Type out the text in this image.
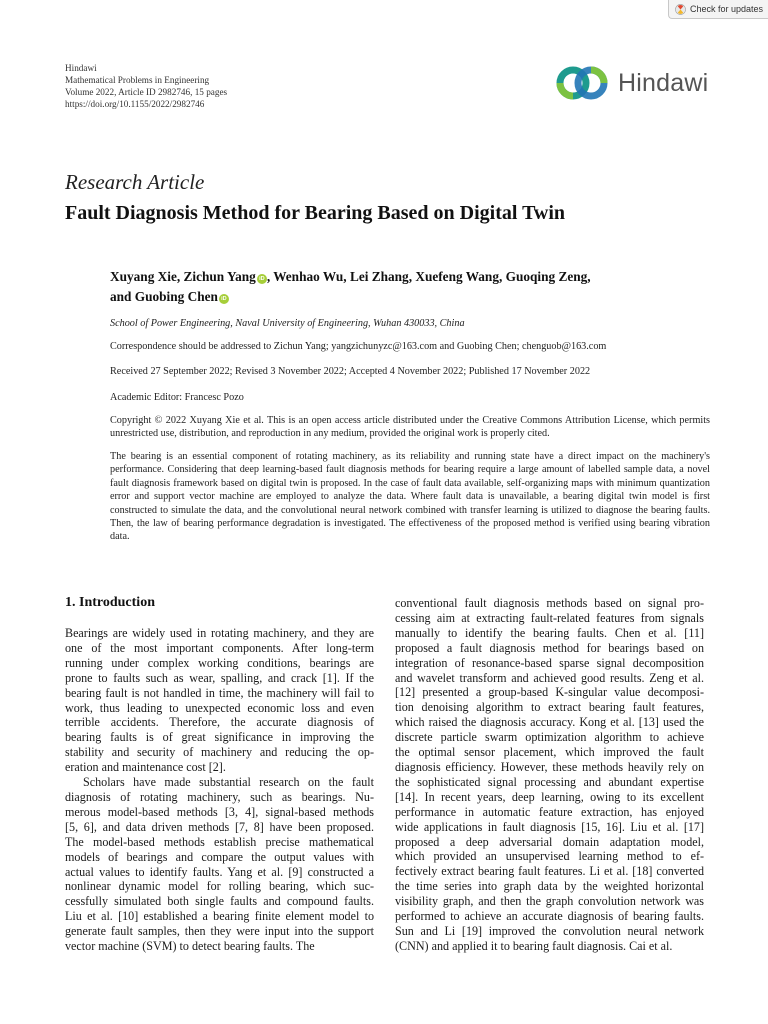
Check for updates
Hindawi
Mathematical Problems in Engineering
Volume 2022, Article ID 2982746, 15 pages
https://doi.org/10.1155/2022/2982746
Hindawi
Research Article
Fault Diagnosis Method for Bearing Based on Digital Twin
Xuyang Xie, Zichun Yang iD , Wenhao Wu, Lei Zhang, Xuefeng Wang, Guoqing Zeng,
and Guobing Chen iD
School of Power Engineering, Naval University of Engineering, Wuhan 430033, China
Correspondence should be addressed to Zichun Yang; yangzichunyzc@163.com and Guobing Chen; chenguob@163.com
Received 27 September 2022; Revised 3 November 2022; Accepted 4 November 2022; Published 17 November 2022
Academic Editor: Francesc Pozo
Copyright © 2022 Xuyang Xie et al. This is an open access article distributed under the Creative Commons Attribution License, which permits unrestricted use, distribution, and reproduction in any medium, provided the original work is properly cited.
The bearing is an essential component of rotating machinery, as its reliability and running state have a direct impact on the machinery's performance. Considering that deep learning-based fault diagnosis methods for bearing require a large amount of labelled sample data, a novel fault diagnosis framework based on digital twin is proposed. In the case of fault data available, self-organizing maps with minimum quantization error and support vector machine are employed to analyze the data. Where fault data is unavailable, a bearing digital twin model is first constructed to simulate the data, and the convolutional neural network combined with transfer learning is utilized to diagnose the bearing faults. Then, the law of bearing performance degradation is investigated. The effectiveness of the proposed method is verified using bearing vibration data.
1. Introduction
Bearings are widely used in rotating machinery, and they are
one of the most important components. After long-term
running under complex working conditions, bearings are
prone to faults such as wear, spalling, and crack [1]. If the
bearing fault is not handled in time, the machinery will fail to
work, thus leading to unexpected economic loss and even
terrible accidents. Therefore, the accurate diagnosis of
bearing faults is of great significance in improving the
stability and security of machinery and reducing the op-
eration and maintenance cost [2].
Scholars have made substantial research on the fault
diagnosis of rotating machinery, such as bearings. Nu-
merous model-based methods [3, 4], signal-based methods
[5, 6], and data driven methods [7, 8] have been proposed.
The model-based methods establish precise mathematical
models of bearings and compare the output values with
actual values to identify faults. Yang et al. [9] constructed a
nonlinear dynamic model for rolling bearing, which suc-
cessfully simulated both single faults and compound faults.
Liu et al. [10] established a bearing finite element model to
generate fault samples, then they were input into the support
vector machine (SVM) to detect bearing faults. The
conventional fault diagnosis methods based on signal pro-
cessing aim at extracting fault-related features from signals
manually to identify the bearing faults. Chen et al. [11]
proposed a fault diagnosis method for bearings based on
integration of resonance-based sparse signal decomposition
and wavelet transform and achieved good results. Zeng et al.
[12] presented a group-based K-singular value decomposi-
tion denoising algorithm to extract bearing fault features,
which raised the diagnosis accuracy. Kong et al. [13] used the
discrete particle swarm optimization algorithm to achieve
the optimal sensor placement, which improved the fault
diagnosis efficiency. However, these methods heavily rely on
the sophisticated signal processing and abundant expertise
[14]. In recent years, deep learning, owing to its excellent
performance in automatic feature extraction, has enjoyed
wide applications in fault diagnosis [15, 16]. Liu et al. [17]
proposed a deep adversarial domain adaptation model,
which provided an unsupervised learning method to ef-
fectively extract bearing fault features. Li et al. [18] converted
the time series into graph data by the weighted horizontal
visibility graph, and then the graph convolution network was
performed to achieve an accurate diagnosis of bearing faults.
Sun and Li [19] improved the convolution neural network
(CNN) and applied it to bearing fault diagnosis. Cai et al.
